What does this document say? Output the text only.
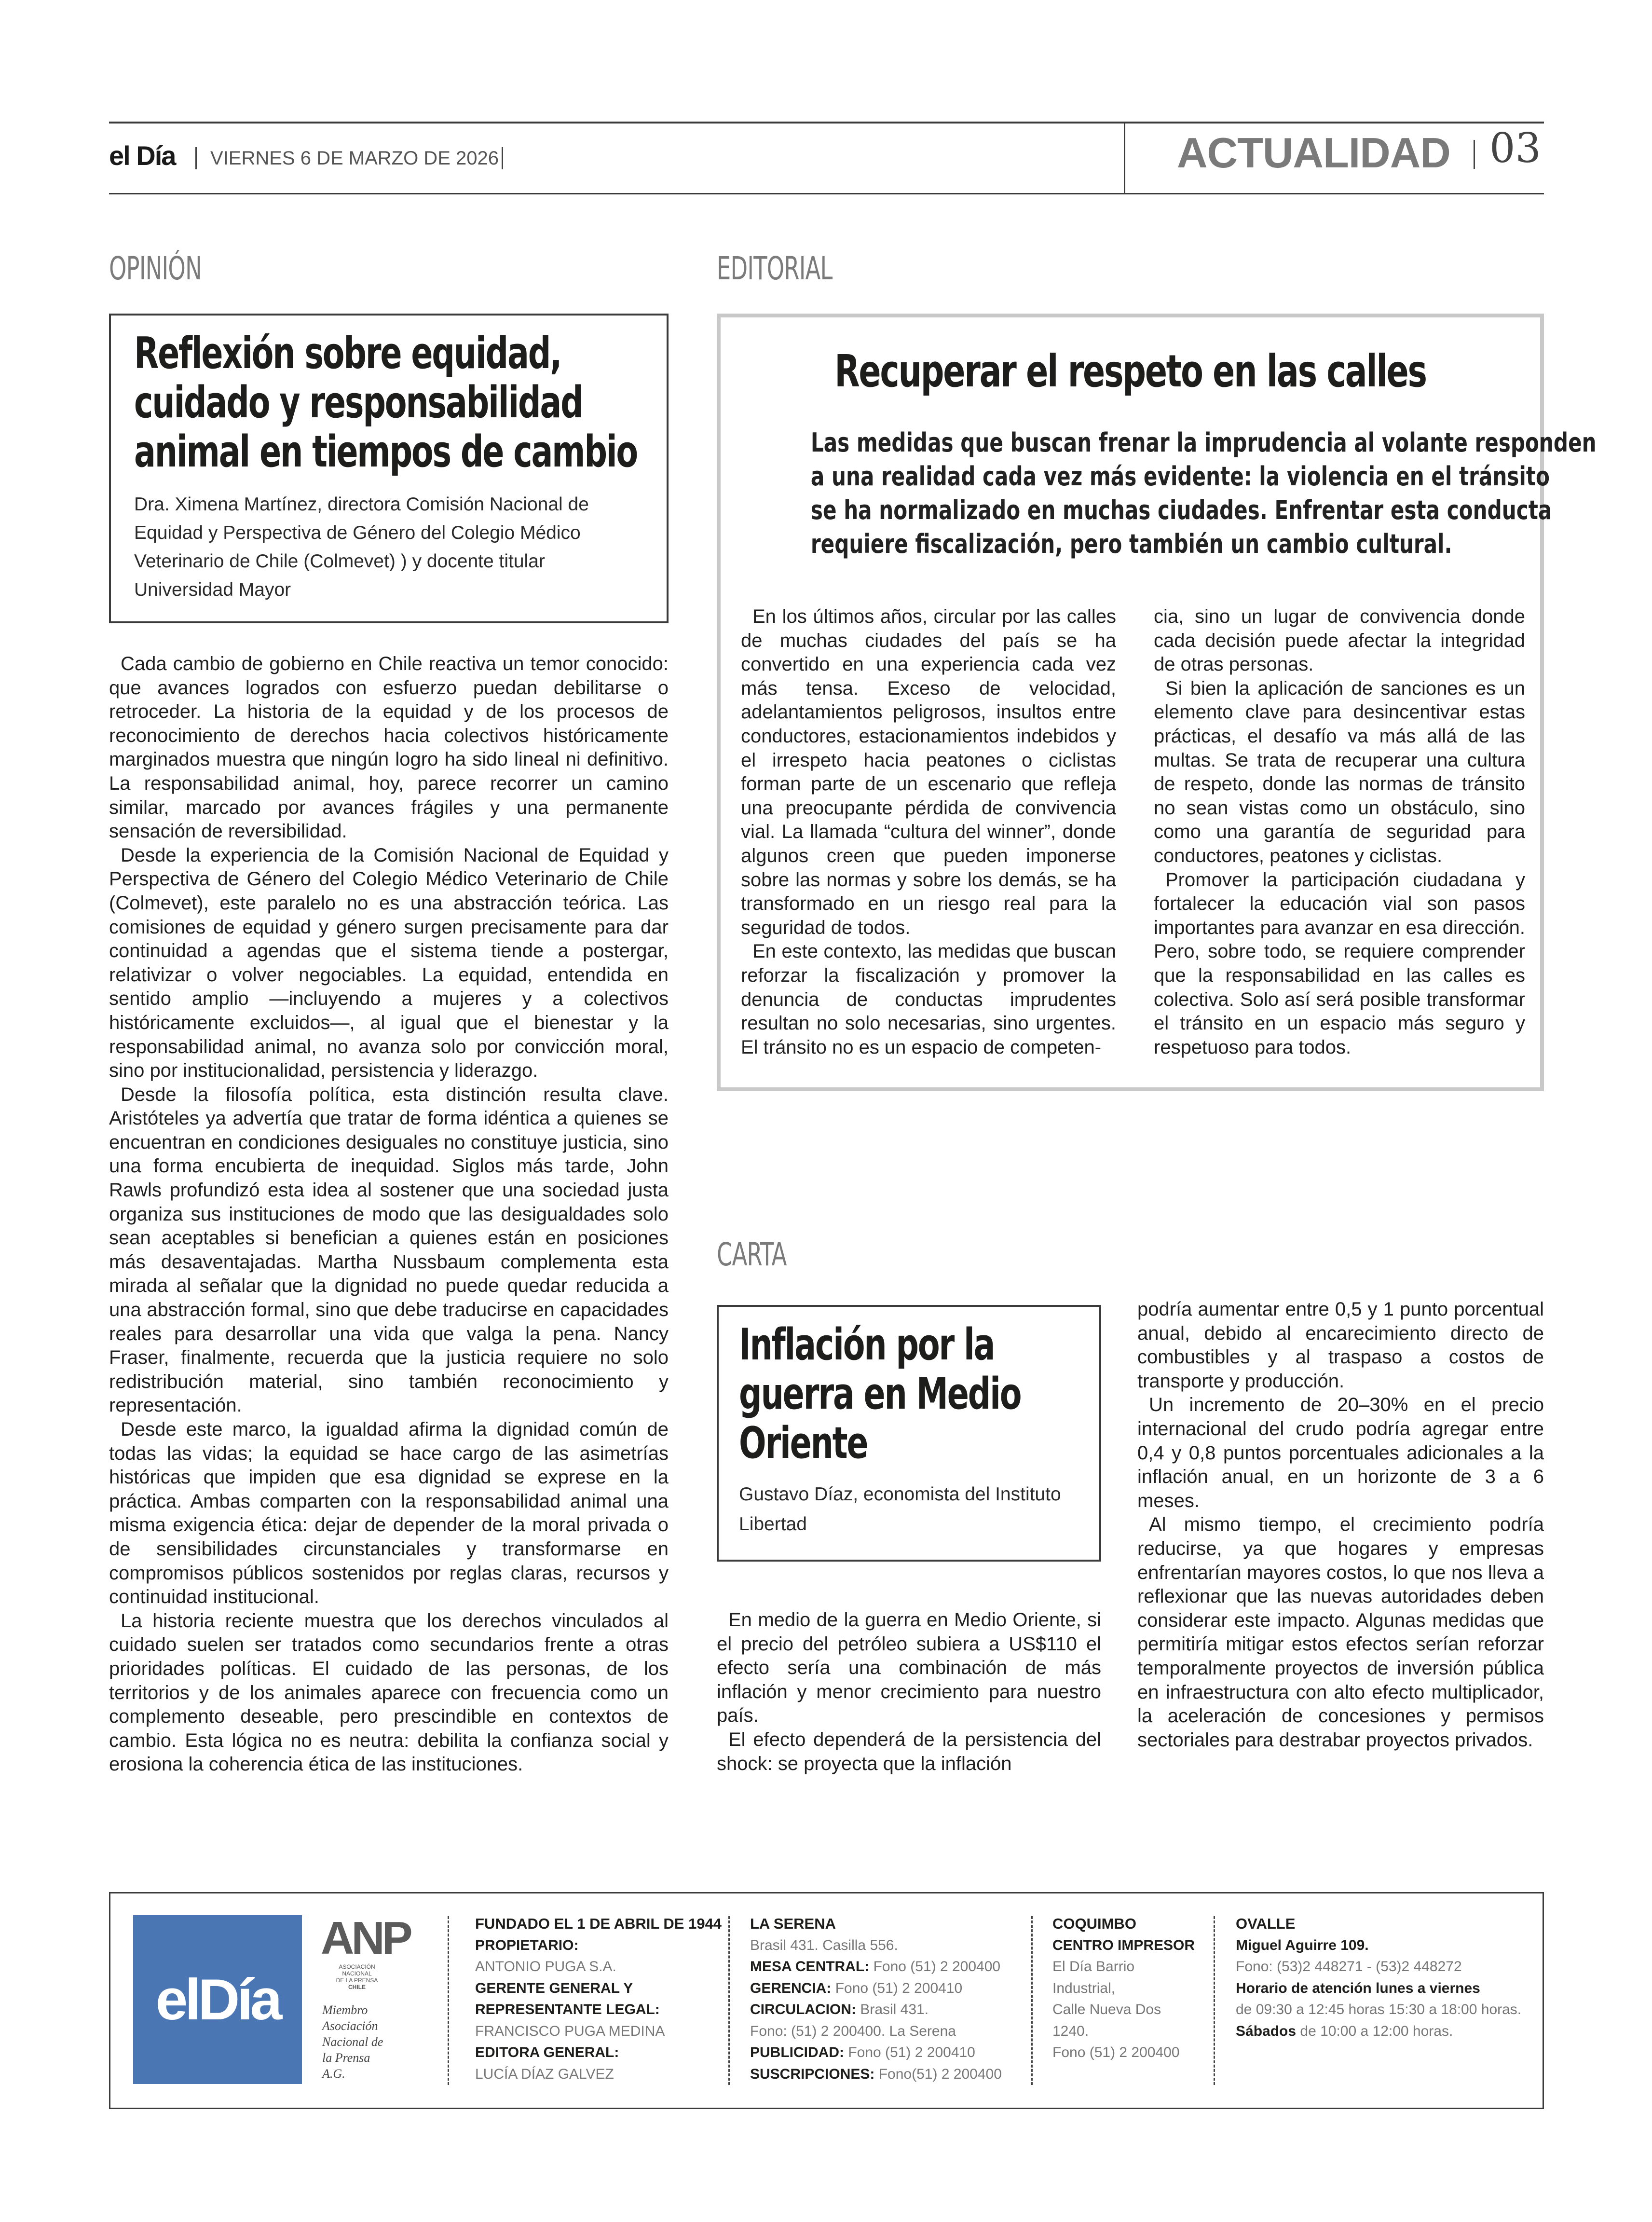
el Día VIERNES 6 DE MARZO DE 2026	ACTUALIDAD 03
OPINIÓN
Reflexión sobre equidad,
cuidado y responsabilidad
animal en tiempos de cambio
Dra. Ximena Martínez, directora Comisión Nacional de
Equidad y Perspectiva de Género del Colegio Médico
Veterinario de Chile (Colmevet) ) y docente titular
Universidad Mayor

Cada cambio de gobierno en Chile reactiva un temor conocido: que avances logrados con esfuerzo puedan debilitarse o retroceder. La historia de la equidad y de los procesos de reconocimiento de derechos hacia colectivos históricamente marginados muestra que ningún logro ha sido lineal ni definitivo. La responsabilidad animal, hoy, parece recorrer un camino similar, marcado por avances frágiles y una permanente sensación de reversibilidad.

Desde la experiencia de la Comisión Nacional de Equidad y Perspectiva de Género del Colegio Médico Veterinario de Chile (Colmevet), este paralelo no es una abstracción teórica. Las comisiones de equidad y género surgen precisamente para dar continuidad a agendas que el sistema tiende a postergar, relativizar o volver negociables. La equidad, entendida en sentido amplio —incluyendo a mujeres y a colectivos históricamente excluidos—, al igual que el bienestar y la responsabilidad animal, no avanza solo por convicción moral, sino por institucionalidad, persistencia y liderazgo.

Desde la filosofía política, esta distinción resulta clave. Aristóteles ya advertía que tratar de forma idéntica a quienes se encuentran en condiciones desiguales no constituye justicia, sino una forma encubierta de inequidad. Siglos más tarde, John Rawls profundizó esta idea al sostener que una sociedad justa organiza sus instituciones de modo que las desigualdades solo sean aceptables si benefician a quienes están en posiciones más desaventajadas. Martha Nussbaum complementa esta mirada al señalar que la dignidad no puede quedar reducida a una abstracción formal, sino que debe traducirse en capacidades reales para desarrollar una vida que valga la pena. Nancy Fraser, finalmente, recuerda que la justicia requiere no solo redistribución material, sino también reconocimiento y representación.

Desde este marco, la igualdad afirma la dignidad común de todas las vidas; la equidad se hace cargo de las asimetrías históricas que impiden que esa dignidad se exprese en la práctica. Ambas comparten con la responsabilidad animal una misma exigencia ética: dejar de depender de la moral privada o de sensibilidades circunstanciales y transformarse en compromisos públicos sostenidos por reglas claras, recursos y continuidad institucional.

La historia reciente muestra que los derechos vinculados al cuidado suelen ser tratados como secundarios frente a otras prioridades políticas. El cuidado de las personas, de los territorios y de los animales aparece con frecuencia como un complemento deseable, pero prescindible en contextos de cambio. Esta lógica no es neutra: debilita la confianza social y erosiona la coherencia ética de las instituciones.

EDITORIAL
Recuperar el respeto en las calles
Las medidas que buscan frenar la imprudencia al volante responden
a una realidad cada vez más evidente: la violencia en el tránsito
se ha normalizado en muchas ciudades. Enfrentar esta conducta
requiere fiscalización, pero también un cambio cultural.

En los últimos años, circular por las calles de muchas ciudades del país se ha convertido en una experiencia cada vez más tensa. Exceso de velocidad, adelantamientos peligrosos, insultos entre conductores, estacionamientos indebidos y el irrespeto hacia peatones o ciclistas forman parte de un escenario que refleja una preocupante pérdida de convivencia vial. La llamada “cultura del winner”, donde algunos creen que pueden imponerse sobre las normas y sobre los demás, se ha transformado en un riesgo real para la seguridad de todos.

En este contexto, las medidas que buscan reforzar la fiscalización y promover la denuncia de conductas imprudentes resultan no solo necesarias, sino urgentes. El tránsito no es un espacio de competen-

cia, sino un lugar de convivencia donde cada decisión puede afectar la integridad de otras personas.

Si bien la aplicación de sanciones es un elemento clave para desincentivar estas prácticas, el desafío va más allá de las multas. Se trata de recuperar una cultura de respeto, donde las normas de tránsito no sean vistas como un obstáculo, sino como una garantía de seguridad para conductores, peatones y ciclistas.

Promover la participación ciudadana y fortalecer la educación vial son pasos importantes para avanzar en esa dirección. Pero, sobre todo, se requiere comprender que la responsabilidad en las calles es colectiva. Solo así será posible transformar el tránsito en un espacio más seguro y respetuoso para todos.

CARTA
Inflación por la
guerra en Medio
Oriente
Gustavo Díaz, economista del Instituto
Libertad

En medio de la guerra en Medio Oriente, si el precio del petróleo subiera a US$110 el efecto sería una combinación de más inflación y menor crecimiento para nuestro país.

El efecto dependerá de la persistencia del shock: se proyecta que la inflación

podría aumentar entre 0,5 y 1 punto porcentual anual, debido al encarecimiento directo de combustibles y al traspaso a costos de transporte y producción.

Un incremento de 20–30% en el precio internacional del crudo podría agregar entre 0,4 y 0,8 puntos porcentuales adicionales a la inflación anual, en un horizonte de 3 a 6 meses.

Al mismo tiempo, el crecimiento podría reducirse, ya que hogares y empresas enfrentarían mayores costos, lo que nos lleva a reflexionar que las nuevas autoridades deben considerar este impacto. Algunas medidas que permitiría mitigar estos efectos serían reforzar temporalmente proyectos de inversión pública en infraestructura con alto efecto multiplicador, la aceleración de concesiones y permisos sectoriales para destrabar proyectos privados.

elDía
ANP
ASOCIACIÓN
NACIONAL
DE LA PRENSA
CHILE
Miembro
Asociación
Nacional de
la Prensa
A.G.
FUNDADO EL 1 DE ABRIL DE 1944
PROPIETARIO:
ANTONIO PUGA S.A.
GERENTE GENERAL Y
REPRESENTANTE LEGAL:
FRANCISCO PUGA MEDINA
EDITORA GENERAL:
LUCÍA DÍAZ GALVEZ
LA SERENA
Brasil 431. Casilla 556.
MESA CENTRAL: Fono (51) 2 200400
GERENCIA: Fono (51) 2 200410
CIRCULACION: Brasil 431.
Fono: (51) 2 200400. La Serena
PUBLICIDAD: Fono (51) 2 200410
SUSCRIPCIONES: Fono(51) 2 200400
COQUIMBO
CENTRO IMPRESOR
El Día Barrio Industrial,
Calle Nueva Dos 1240.
Fono (51) 2 200400
OVALLE
Miguel Aguirre 109.
Fono: (53)2 448271 - (53)2 448272
Horario de atención lunes a viernes
de 09:30 a 12:45 horas 15:30 a 18:00 horas.
Sábados de 10:00 a 12:00 horas.
